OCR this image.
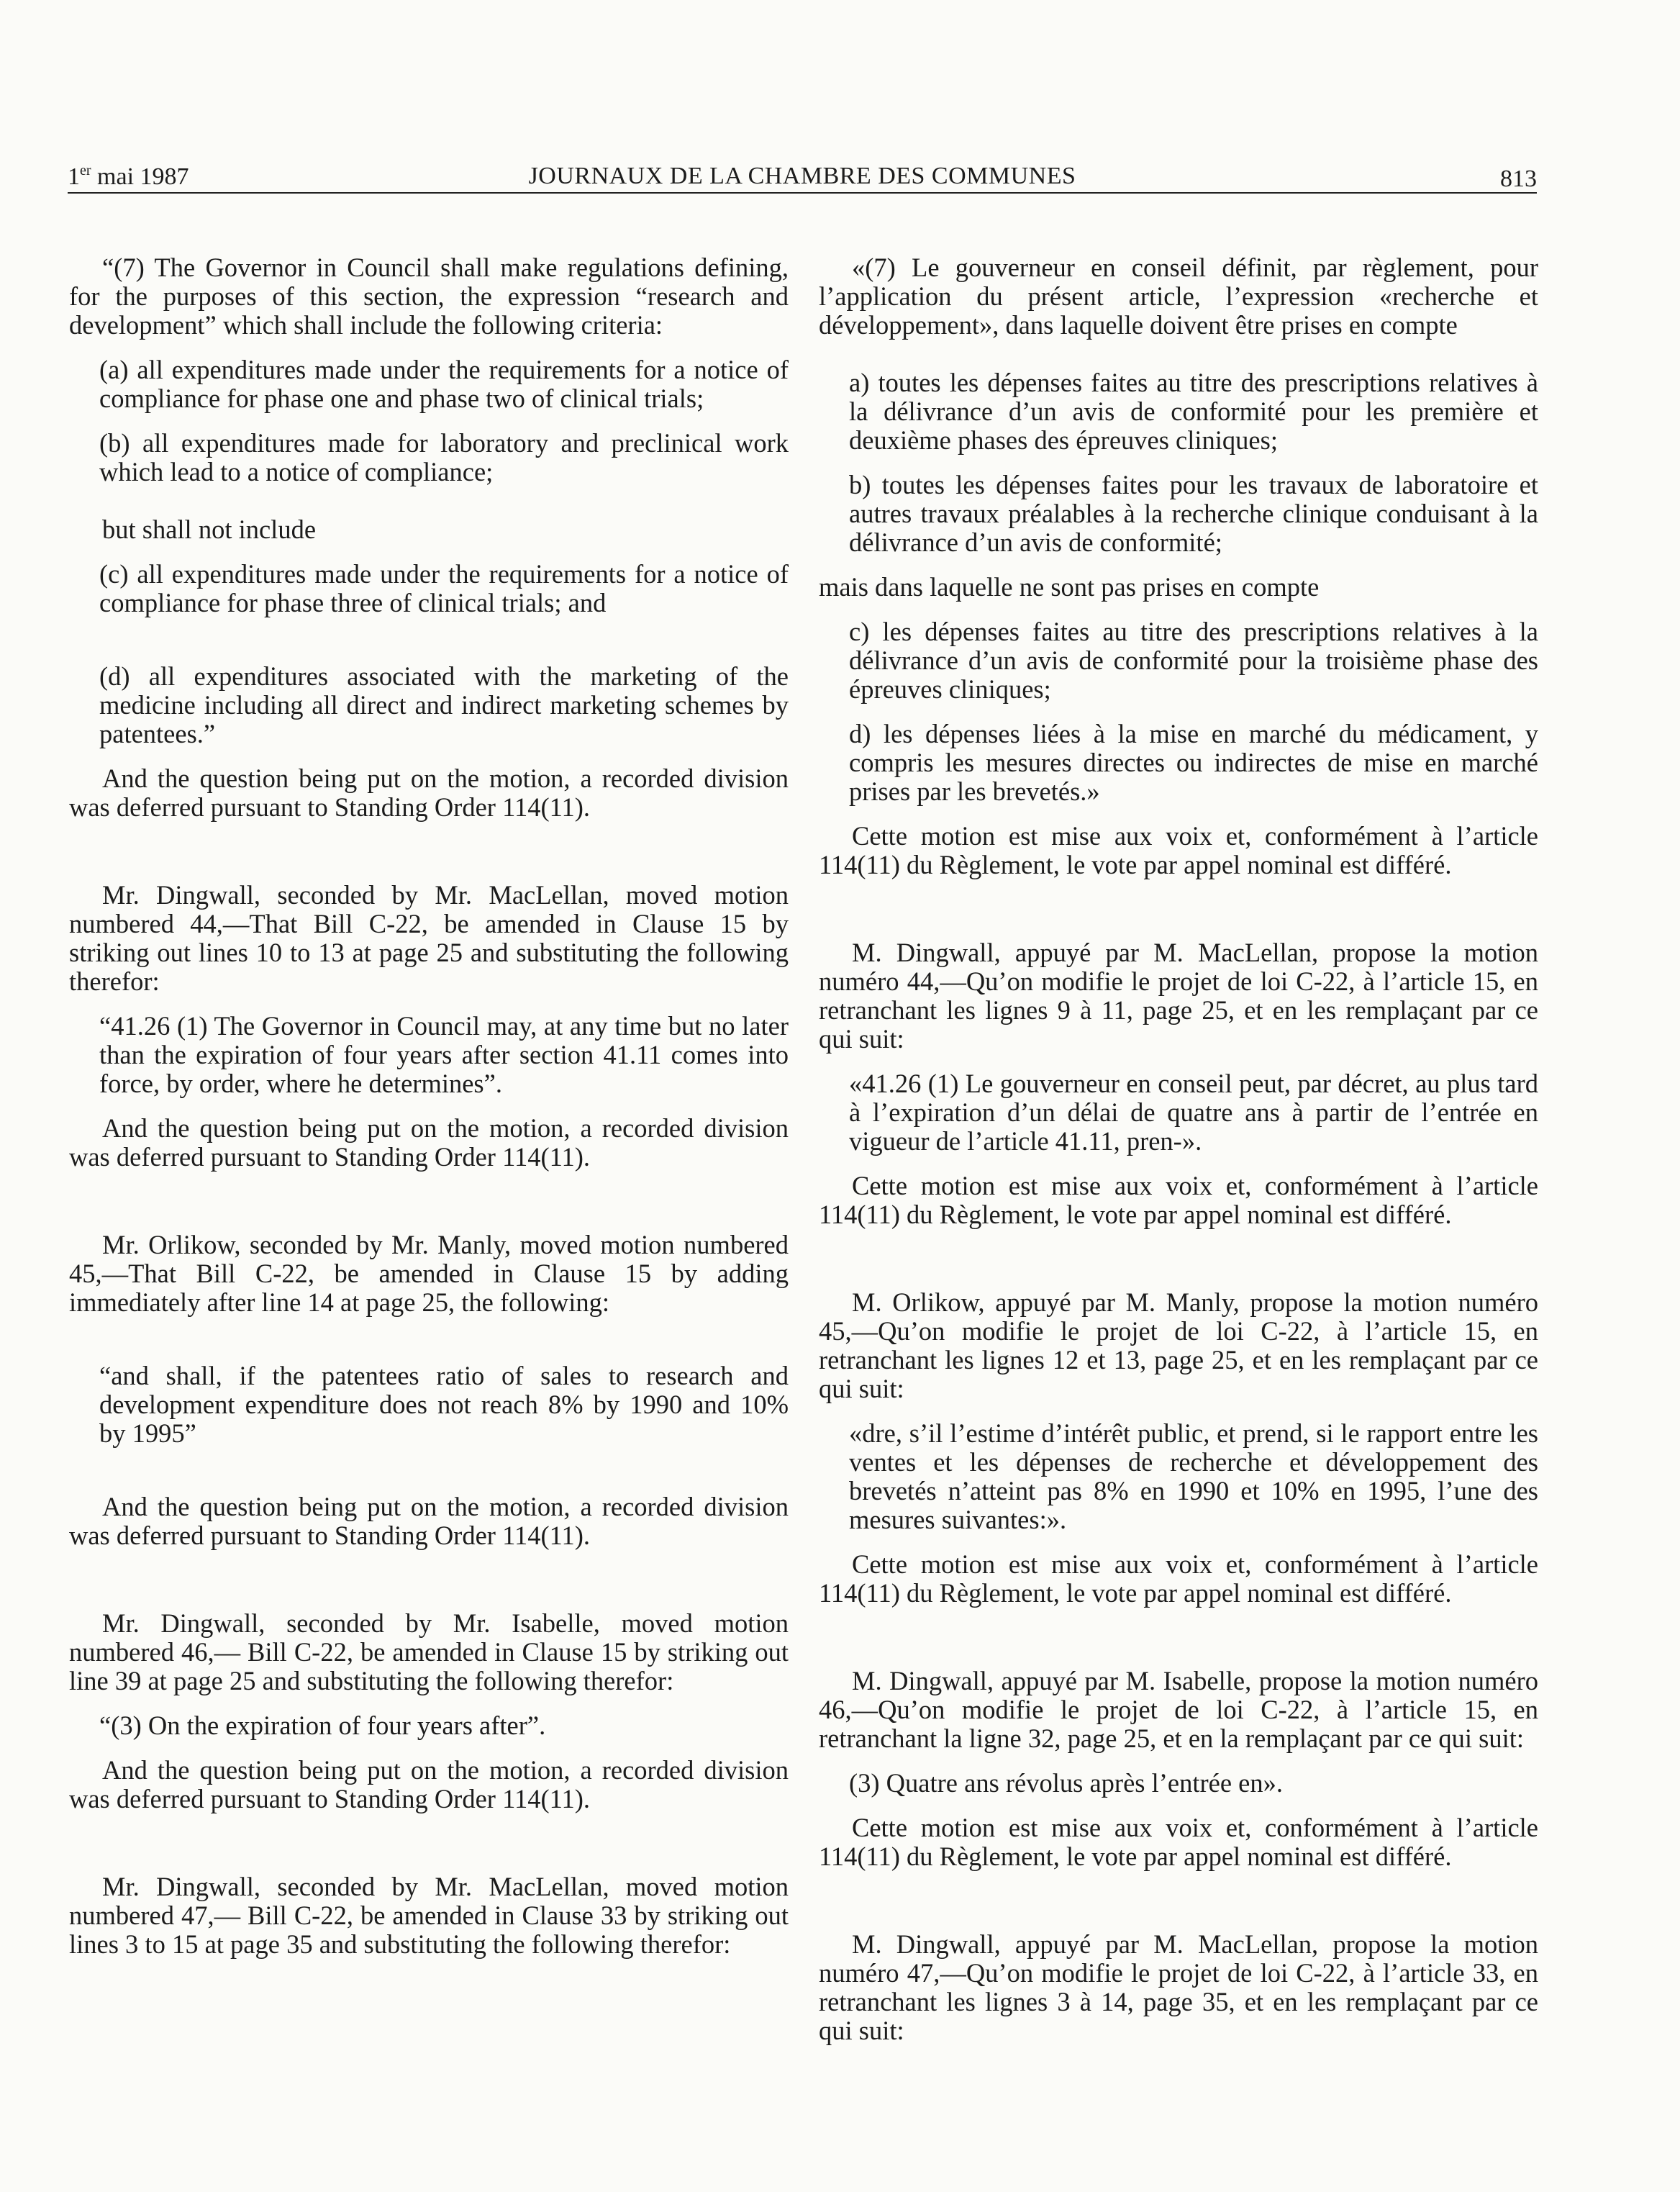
1er mai 1987	JOURNAUX DE LA CHAMBRE DES COMMUNES	813

“(7) The Governor in Council shall make regulations defining, for the purposes of this section, the expression “research and development” which shall include the following criteria:

(a) all expenditures made under the requirements for a notice of compliance for phase one and phase two of clinical trials;

(b) all expenditures made for laboratory and preclinical work which lead to a notice of compliance;

but shall not include

(c) all expenditures made under the requirements for a notice of compliance for phase three of clinical trials; and

(d) all expenditures associated with the marketing of the medicine including all direct and indirect marketing schemes by patentees.”

And the question being put on the motion, a recorded division was deferred pursuant to Standing Order 114(11).

Mr. Dingwall, seconded by Mr. MacLellan, moved motion numbered 44,—That Bill C-22, be amended in Clause 15 by striking out lines 10 to 13 at page 25 and substituting the following therefor:

“41.26 (1) The Governor in Council may, at any time but no later than the expiration of four years after section 41.11 comes into force, by order, where he determines”.

And the question being put on the motion, a recorded division was deferred pursuant to Standing Order 114(11).

Mr. Orlikow, seconded by Mr. Manly, moved motion numbered 45,—That Bill C-22, be amended in Clause 15 by adding immediately after line 14 at page 25, the following:

“and shall, if the patentees ratio of sales to research and development expenditure does not reach 8% by 1990 and 10% by 1995”

And the question being put on the motion, a recorded division was deferred pursuant to Standing Order 114(11).

Mr. Dingwall, seconded by Mr. Isabelle, moved motion numbered 46,— Bill C-22, be amended in Clause 15 by striking out line 39 at page 25 and substituting the following therefor:

“(3) On the expiration of four years after”.

And the question being put on the motion, a recorded division was deferred pursuant to Standing Order 114(11).

Mr. Dingwall, seconded by Mr. MacLellan, moved motion numbered 47,— Bill C-22, be amended in Clause 33 by striking out lines 3 to 15 at page 35 and substituting the following therefor:

«(7) Le gouverneur en conseil définit, par règlement, pour l’application du présent article, l’expression «recherche et développement», dans laquelle doivent être prises en compte

a) toutes les dépenses faites au titre des prescriptions relatives à la délivrance d’un avis de conformité pour les première et deuxième phases des épreuves cliniques;

b) toutes les dépenses faites pour les travaux de laboratoire et autres travaux préalables à la recherche clinique conduisant à la délivrance d’un avis de conformité;

mais dans laquelle ne sont pas prises en compte

c) les dépenses faites au titre des prescriptions relatives à la délivrance d’un avis de conformité pour la troisième phase des épreuves cliniques;

d) les dépenses liées à la mise en marché du médicament, y compris les mesures directes ou indirectes de mise en marché prises par les brevetés.»

Cette motion est mise aux voix et, conformément à l’article 114(11) du Règlement, le vote par appel nominal est différé.

M. Dingwall, appuyé par M. MacLellan, propose la motion numéro 44,—Qu’on modifie le projet de loi C-22, à l’article 15, en retranchant les lignes 9 à 11, page 25, et en les remplaçant par ce qui suit:

«41.26 (1) Le gouverneur en conseil peut, par décret, au plus tard à l’expiration d’un délai de quatre ans à partir de l’entrée en vigueur de l’article 41.11, pren-».

Cette motion est mise aux voix et, conformément à l’article 114(11) du Règlement, le vote par appel nominal est différé.

M. Orlikow, appuyé par M. Manly, propose la motion numéro 45,—Qu’on modifie le projet de loi C-22, à l’article 15, en retranchant les lignes 12 et 13, page 25, et en les remplaçant par ce qui suit:

«dre, s’il l’estime d’intérêt public, et prend, si le rapport entre les ventes et les dépenses de recherche et développement des brevetés n’atteint pas 8% en 1990 et 10% en 1995, l’une des mesures suivantes:».

Cette motion est mise aux voix et, conformément à l’article 114(11) du Règlement, le vote par appel nominal est différé.

M. Dingwall, appuyé par M. Isabelle, propose la motion numéro 46,—Qu’on modifie le projet de loi C-22, à l’article 15, en retranchant la ligne 32, page 25, et en la remplaçant par ce qui suit:

(3) Quatre ans révolus après l’entrée en».

Cette motion est mise aux voix et, conformément à l’article 114(11) du Règlement, le vote par appel nominal est différé.

M. Dingwall, appuyé par M. MacLellan, propose la motion numéro 47,—Qu’on modifie le projet de loi C-22, à l’article 33, en retranchant les lignes 3 à 14, page 35, et en les remplaçant par ce qui suit:
